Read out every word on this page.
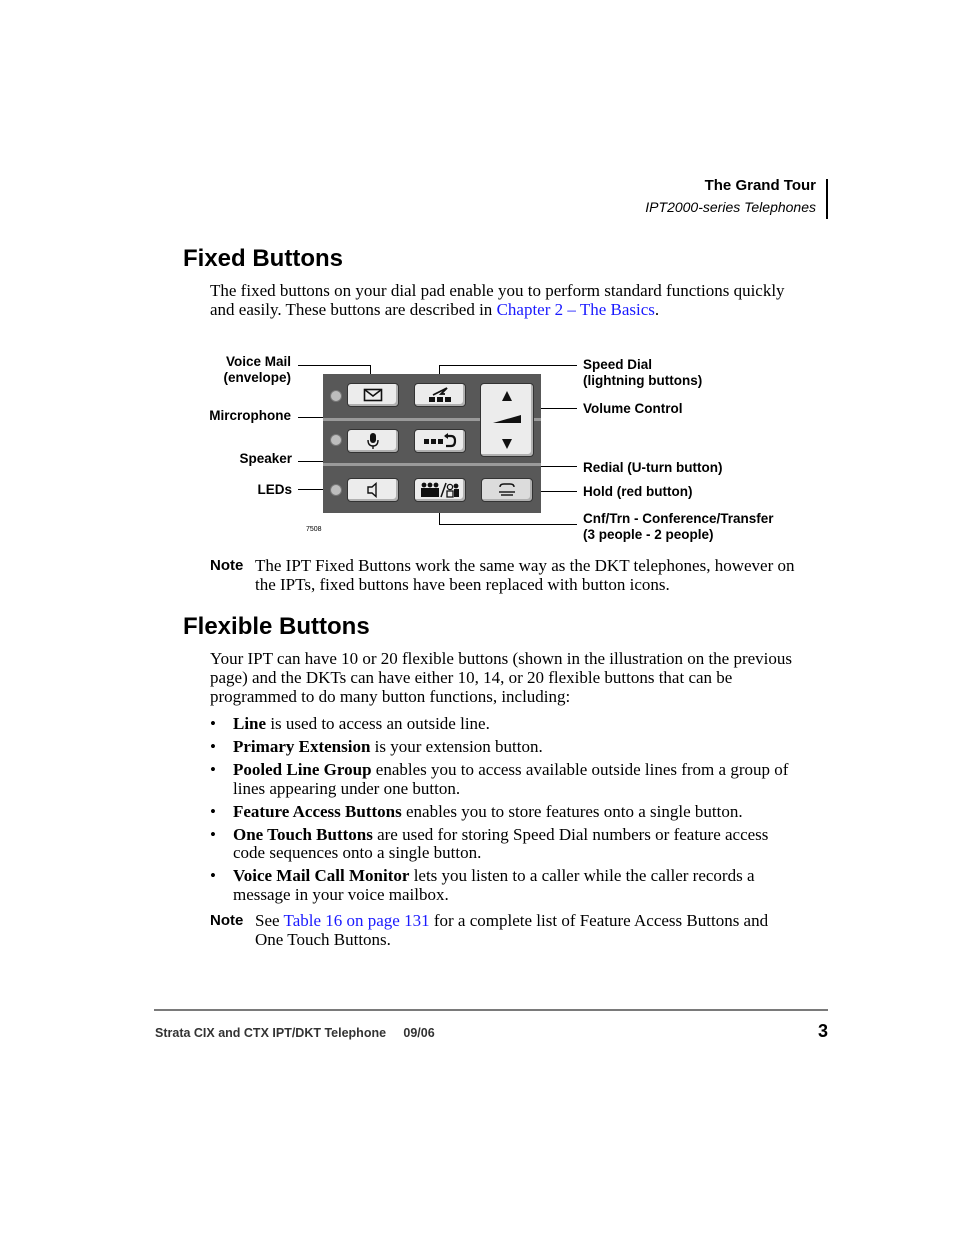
The Grand Tour
IPT2000-series Telephones
Fixed Buttons
The fixed buttons on your dial pad enable you to perform standard functions quickly and easily. These buttons are described in Chapter 2 – The Basics.
Voice Mail
(envelope)
Mircrophone
Speaker
LEDs
Speed Dial
(lightning buttons)
Volume Control
Redial (U-turn button)
Hold (red button)
Cnf/Trn - Conference/Transfer
(3 people - 2 people)
7508
Note The IPT Fixed Buttons work the same way as the DKT telephones, however on the IPTs, fixed buttons have been replaced with button icons.
Flexible Buttons
Your IPT can have 10 or 20 flexible buttons (shown in the illustration on the previous page) and the DKTs can have either 10, 14, or 20 flexible buttons that can be programmed to do many button functions, including:
• Line is used to access an outside line.
• Primary Extension is your extension button.
• Pooled Line Group enables you to access available outside lines from a group of lines appearing under one button.
• Feature Access Buttons enables you to store features onto a single button.
• One Touch Buttons are used for storing Speed Dial numbers or feature access code sequences onto a single button.
• Voice Mail Call Monitor lets you listen to a caller while the caller records a message in your voice mailbox.
Note See Table 16 on page 131 for a complete list of Feature Access Buttons and One Touch Buttons.
Strata CIX and CTX IPT/DKT Telephone     09/06	3
